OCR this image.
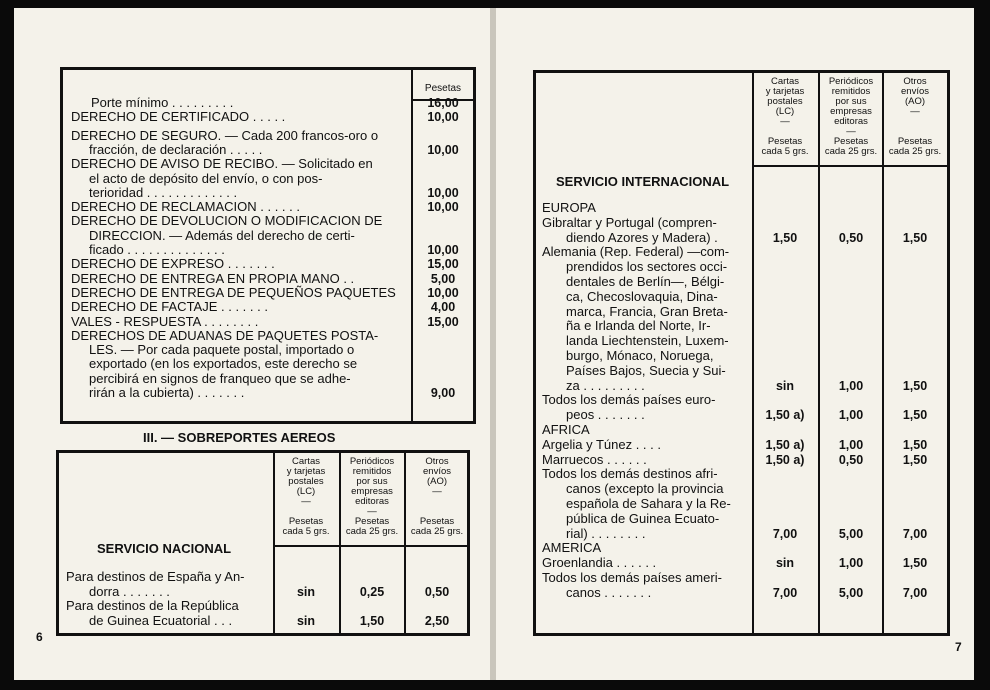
Pesetas
Porte mínimo . . . . . . . . .	16,00
DERECHO DE CERTIFICADO . . . . .	10,00
DERECHO DE SEGURO. — Cada 200 francos-oro o
fracción, de declaración . . . . .	10,00
DERECHO DE AVISO DE RECIBO. — Solicitado en
el acto de depósito del envío, o con pos-
terioridad . . . . . . . . . . . . .	10,00
DERECHO DE RECLAMACION . . . . . .	10,00
DERECHO DE DEVOLUCION O MODIFICACION DE
DIRECCION. — Además del derecho de certi-
ficado . . . . . . . . . . . . . .	10,00
DERECHO DE EXPRESO . . . . . . .	15,00
DERECHO DE ENTREGA EN PROPIA MANO . .	5,00
DERECHO DE ENTREGA DE PEQUEÑOS PAQUETES	10,00
DERECHO DE FACTAJE . . . . . . .	4,00
VALES - RESPUESTA . . . . . . . .	15,00
DERECHOS DE ADUANAS DE PAQUETES POSTA-
LES. — Por cada paquete postal, importado o
exportado (en los exportados, este derecho se
percibirá en signos de franqueo que se adhe-
rirán a la cubierta) . . . . . . .	9,00
III. — SOBREPORTES AEREOS
Cartas
y tarjetas
postales
(LC)
—
Pesetas
cada 5 grs.
Periódicos
remitidos
por sus
empresas
editoras
—
Pesetas
cada 25 grs.
Otros
envíos
(AO)
—
Pesetas
cada 25 grs.
SERVICIO NACIONAL
Para destinos de España y An-
dorra . . . . . . .	sin	0,25	0,50
Para destinos de la República
de Guinea Ecuatorial . . .	sin	1,50	2,50
6
Cartas
y tarjetas
postales
(LC)
—
Pesetas
cada 5 grs.
Periódicos
remitidos
por sus
empresas
editoras
—
Pesetas
cada 25 grs.
Otros
envíos
(AO)
—
Pesetas
cada 25 grs.
SERVICIO INTERNACIONAL
EUROPA
Gibraltar y Portugal (compren-
diendo Azores y Madera) .	1,50	0,50	1,50
Alemania (Rep. Federal) —com-
prendidos los sectores occi-
dentales de Berlín—, Bélgi-
ca, Checoslovaquia, Dina-
marca, Francia, Gran Breta-
ña e Irlanda del Norte, Ir-
landa Liechtenstein, Luxem-
burgo, Mónaco, Noruega,
Países Bajos, Suecia y Sui-
za . . . . . . . . .	sin	1,00	1,50
Todos los demás países euro-
peos . . . . . . .	1,50 a)	1,00	1,50
AFRICA
Argelia y Túnez . . . .	1,50 a)	1,00	1,50
Marruecos . . . . . .	1,50 a)	0,50	1,50
Todos los demás destinos afri-
canos (excepto la provincia
española de Sahara y la Re-
pública de Guinea Ecuato-
rial) . . . . . . . .	7,00	5,00	7,00
AMERICA
Groenlandia . . . . . .	sin	1,00	1,50
Todos los demás países ameri-
canos . . . . . . .	7,00	5,00	7,00
7
